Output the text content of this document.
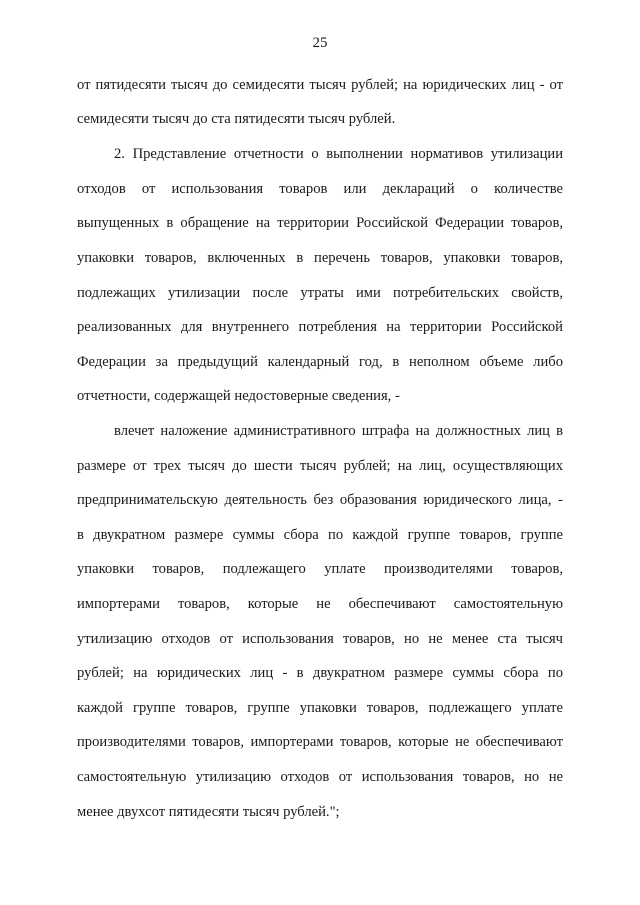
25
от пятидесяти тысяч до семидесяти тысяч рублей; на юридических лиц - от
семидесяти тысяч до ста пятидесяти тысяч рублей.
2. Представление отчетности о выполнении нормативов утилизации
отходов от использования товаров или деклараций о количестве
выпущенных в обращение на территории Российской Федерации товаров,
упаковки товаров, включенных в перечень товаров, упаковки товаров,
подлежащих утилизации после утраты ими потребительских свойств,
реализованных для внутреннего потребления на территории Российской
Федерации за предыдущий календарный год, в неполном объеме либо
отчетности, содержащей недостоверные сведения, -
влечет наложение административного штрафа на должностных лиц в
размере от трех тысяч до шести тысяч рублей; на лиц, осуществляющих
предпринимательскую деятельность без образования юридического лица, -
в двукратном размере суммы сбора по каждой группе товаров, группе
упаковки товаров, подлежащего уплате производителями товаров,
импортерами товаров, которые не обеспечивают самостоятельную
утилизацию отходов от использования товаров, но не менее ста тысяч
рублей; на юридических лиц - в двукратном размере суммы сбора по
каждой группе товаров, группе упаковки товаров, подлежащего уплате
производителями товаров, импортерами товаров, которые не обеспечивают
самостоятельную утилизацию отходов от использования товаров, но не
менее двухсот пятидесяти тысяч рублей.";
